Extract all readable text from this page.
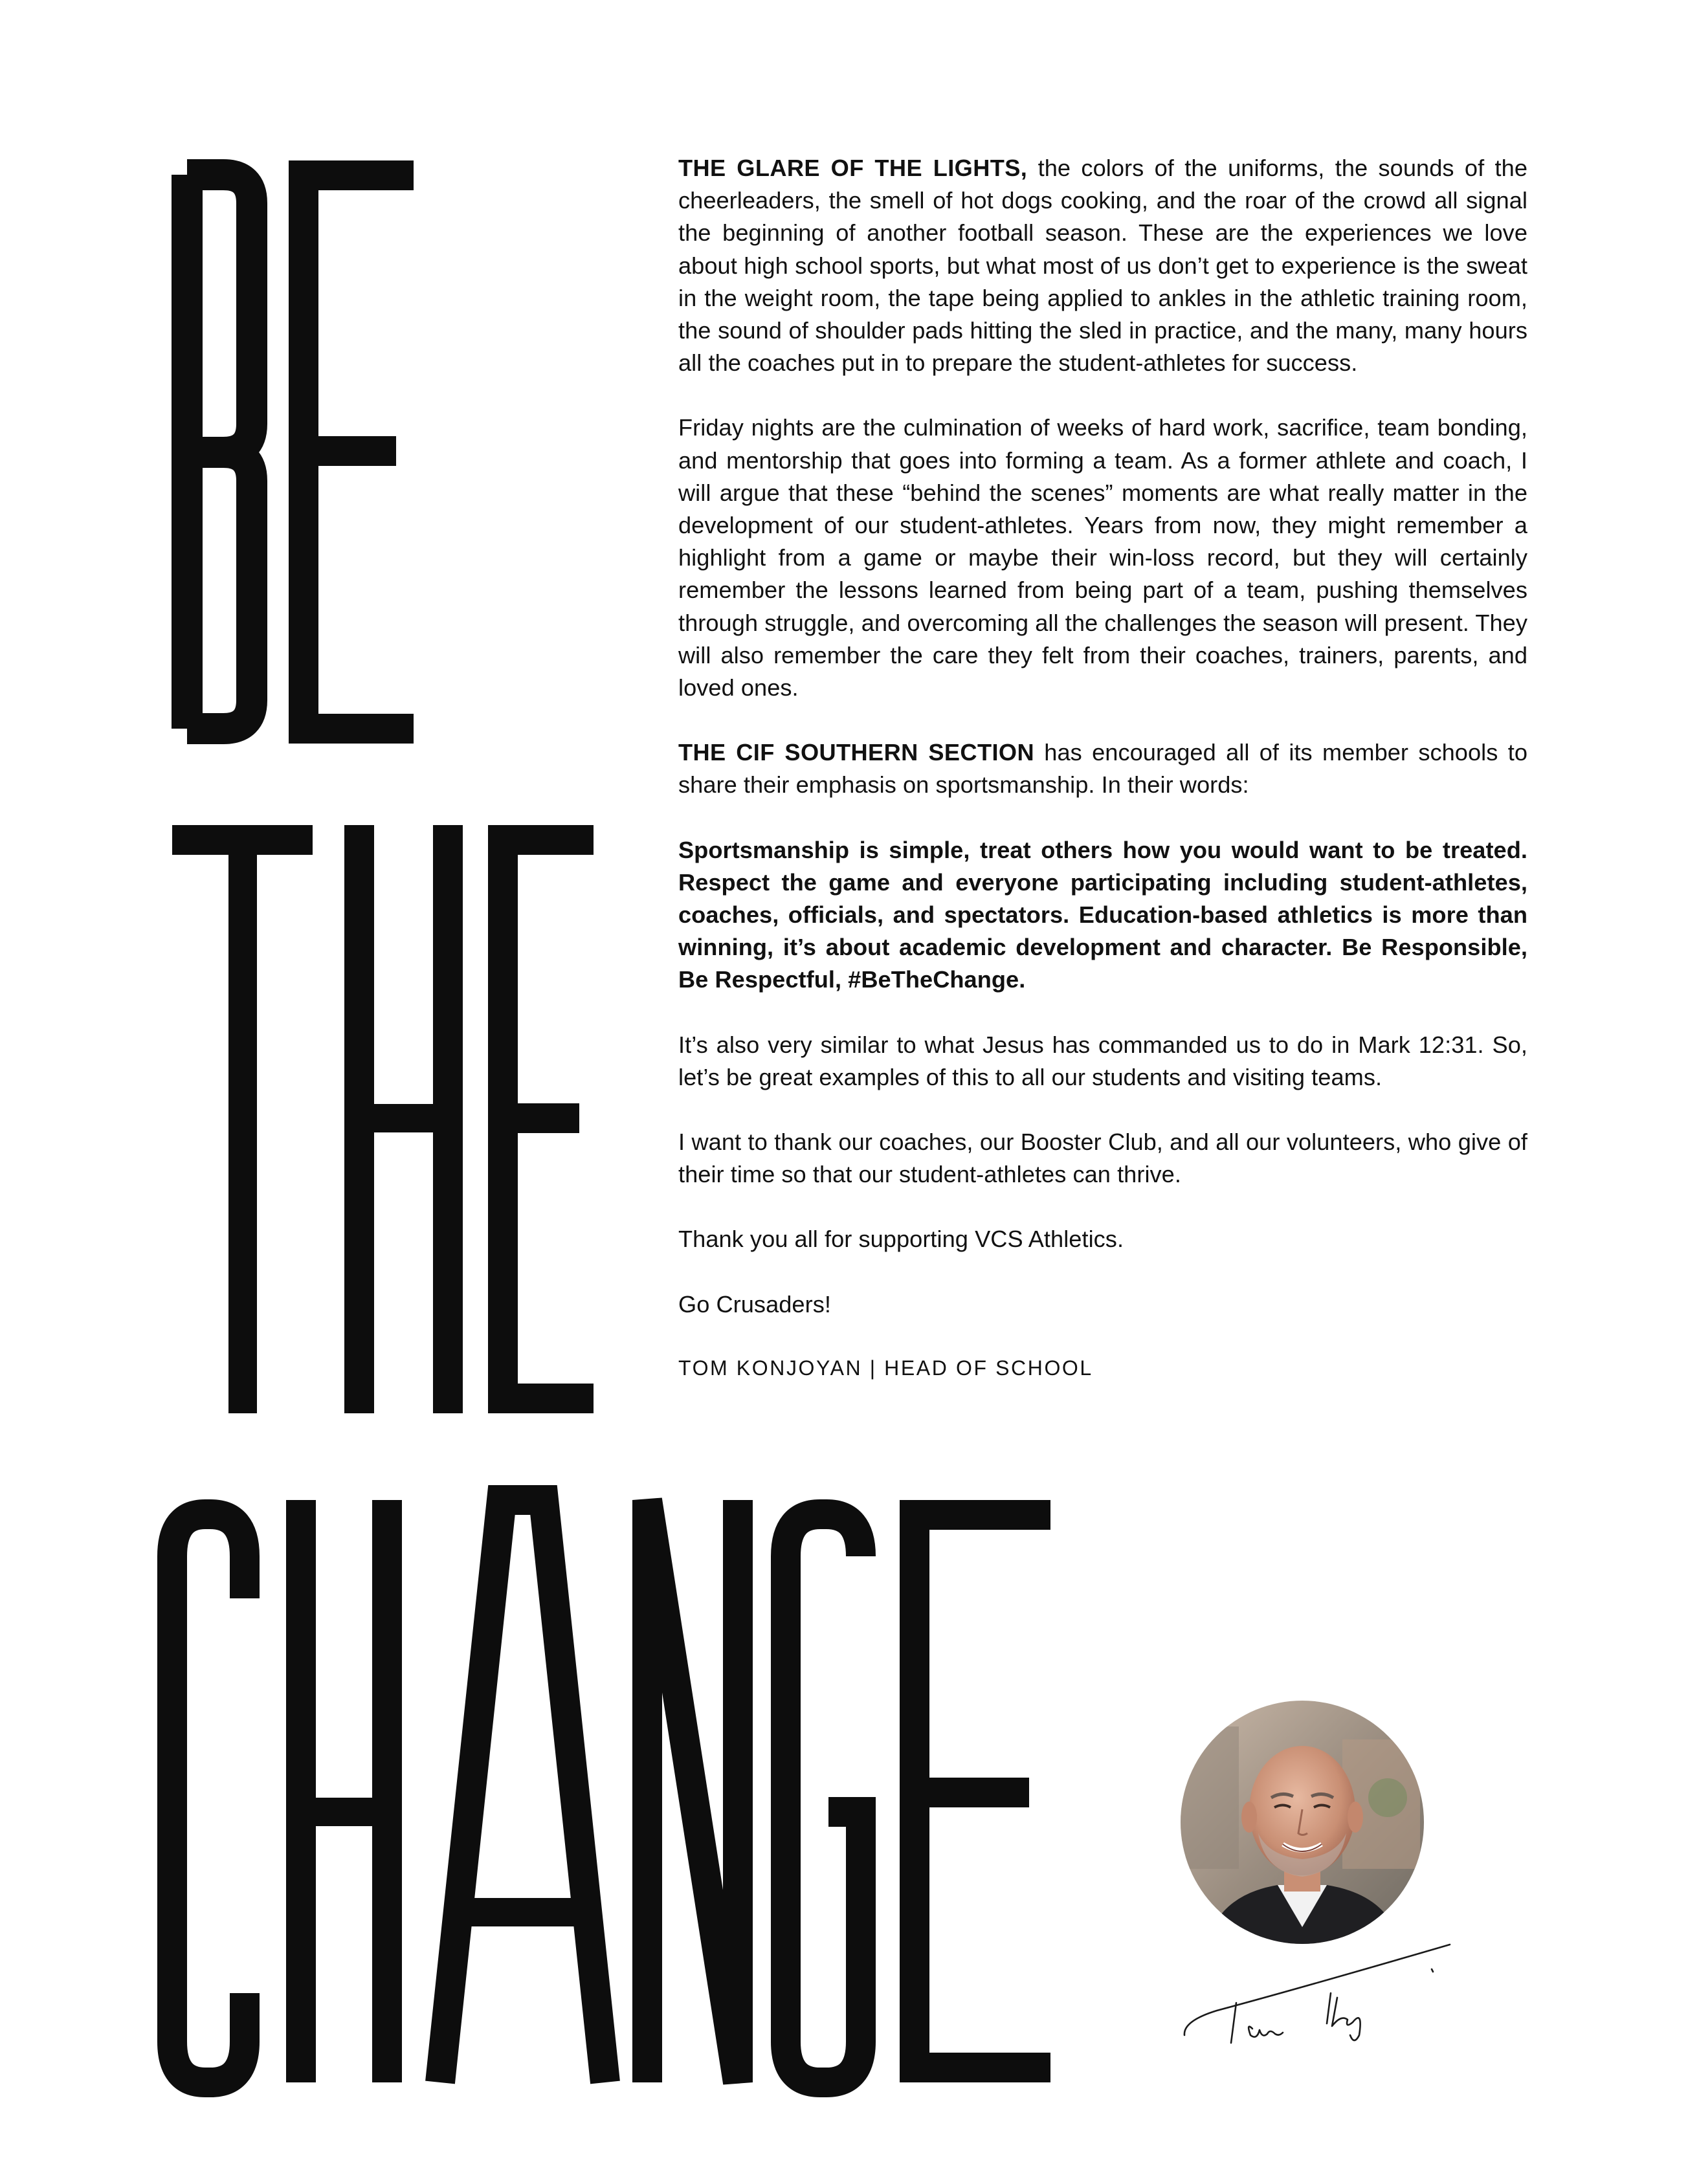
THE GLARE OF THE LIGHTS, the colors of the uniforms, the sounds of the cheerleaders, the smell of hot dogs cooking, and the roar of the crowd all signal the beginning of another football season. These are the experiences we love about high school sports, but what most of us don’t get to experience is the sweat in the weight room, the tape being applied to ankles in the athletic training room, the sound of shoulder pads hitting the sled in practice, and the many, many hours all the coaches put in to prepare the student-athletes for success.

Friday nights are the culmination of weeks of hard work, sacrifice, team bonding, and mentorship that goes into forming a team. As a former athlete and coach, I will argue that these “behind the scenes” moments are what really matter in the development of our student-athletes. Years from now, they might remember a highlight from a game or maybe their win-loss record, but they will certainly remember the lessons learned from being part of a team, pushing themselves through struggle, and overcoming all the challenges the season will present. They will also remember the care they felt from their coaches, trainers, parents, and loved ones.

THE CIF SOUTHERN SECTION has encouraged all of its member schools to share their emphasis on sportsmanship. In their words:

Sportsmanship is simple, treat others how you would want to be treated. Respect the game and everyone participating including student-athletes, coaches, officials, and spectators. Education-based athletics is more than winning, it’s about academic development and character. Be Responsible, Be Respectful, #BeTheChange.

It’s also very similar to what Jesus has commanded us to do in Mark 12:31. So, let’s be great examples of this to all our students and visiting teams.

I want to thank our coaches, our Booster Club, and all our volunteers, who give of their time so that our student-athletes can thrive.

Thank you all for supporting VCS Athletics.

Go Crusaders!

TOM KONJOYAN | HEAD OF SCHOOL
